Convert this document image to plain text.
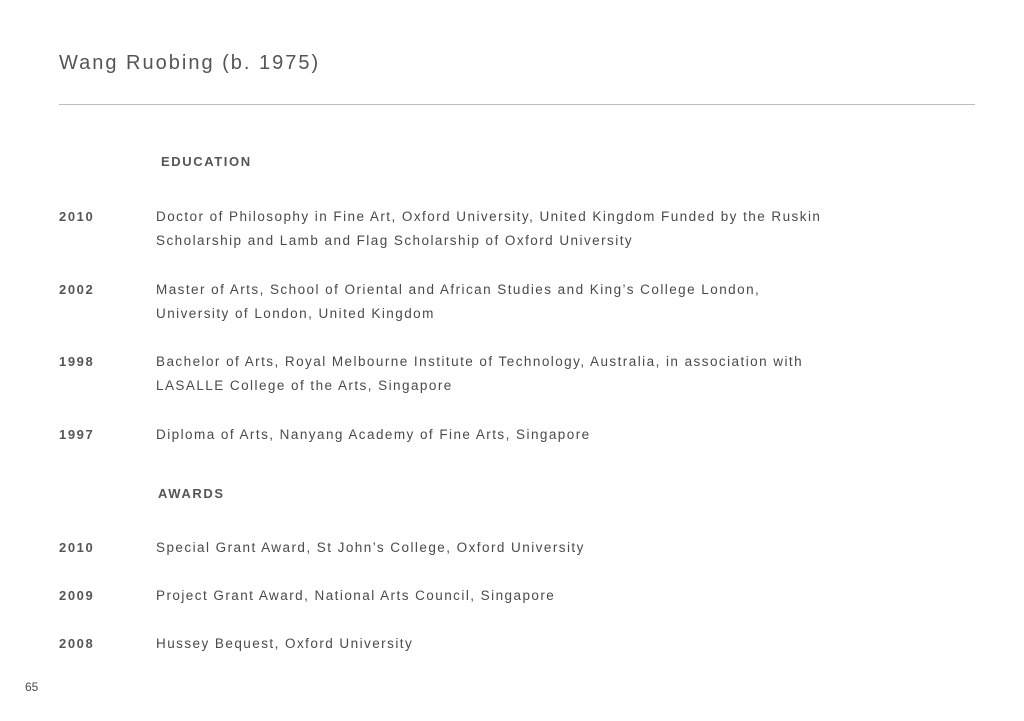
Wang Ruobing (b. 1975)
EDUCATION
2010	Doctor of Philosophy in Fine Art, Oxford University, United Kingdom Funded by the Ruskin
Scholarship and Lamb and Flag Scholarship of Oxford University
2002	Master of Arts, School of Oriental and African Studies and King’s College London,
University of London, United Kingdom
1998	Bachelor of Arts, Royal Melbourne Institute of Technology, Australia, in association with
LASALLE College of the Arts, Singapore
1997	Diploma of Arts, Nanyang Academy of Fine Arts, Singapore
AWARDS
2010	Special Grant Award, St John’s College, Oxford University
2009	Project Grant Award, National Arts Council, Singapore
2008	Hussey Bequest, Oxford University
65
